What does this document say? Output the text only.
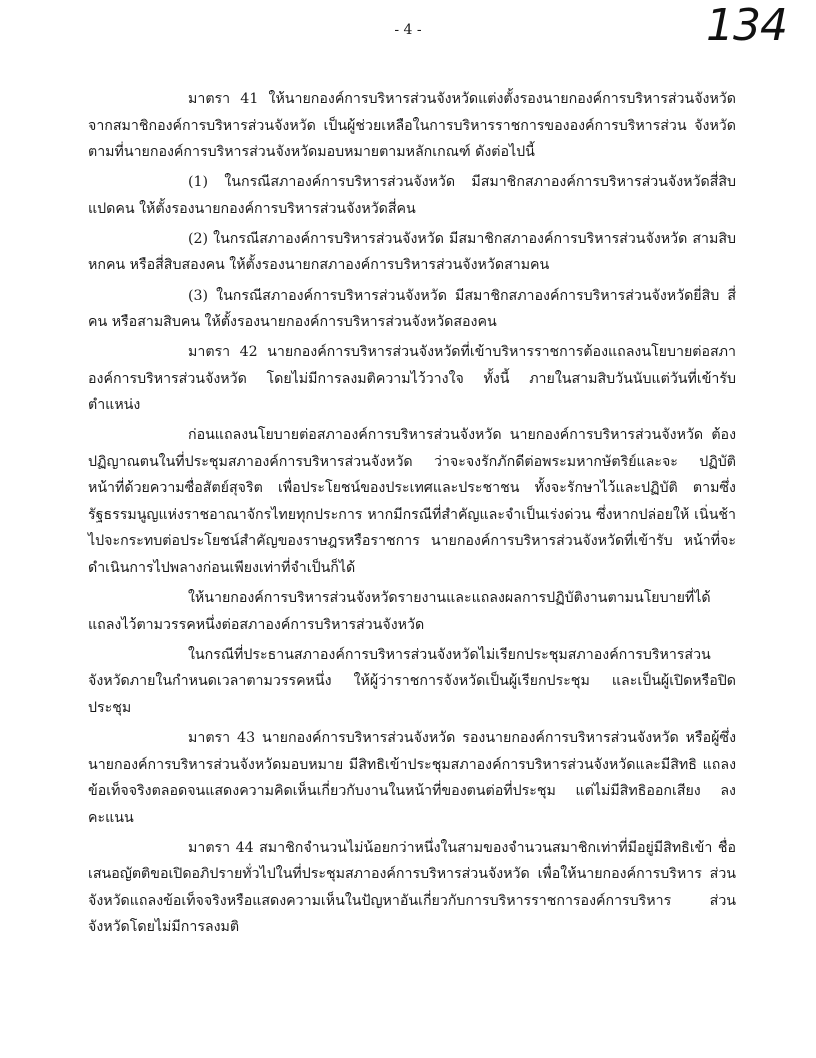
- 4 -	134

มาตรา 41 ให้นายกองค์การบริหารส่วนจังหวัดแต่งตั้งรองนายกองค์การบริหารส่วนจังหวัด จากสมาชิกองค์การบริหารส่วนจังหวัด เป็นผู้ช่วยเหลือในการบริหารราชการขององค์การบริหารส่วน จังหวัด ตามที่นายกองค์การบริหารส่วนจังหวัดมอบหมายตามหลักเกณฑ์ ดังต่อไปนี้

(1) ในกรณีสภาองค์การบริหารส่วนจังหวัด มีสมาชิกสภาองค์การบริหารส่วนจังหวัดสี่สิบ แปดคน ให้ตั้งรองนายกองค์การบริหารส่วนจังหวัดสี่คน

(2) ในกรณีสภาองค์การบริหารส่วนจังหวัด มีสมาชิกสภาองค์การบริหารส่วนจังหวัด สามสิบหกคน หรือสี่สิบสองคน ให้ตั้งรองนายกสภาองค์การบริหารส่วนจังหวัดสามคน

(3) ในกรณีสภาองค์การบริหารส่วนจังหวัด มีสมาชิกสภาองค์การบริหารส่วนจังหวัดยี่สิบ สี่คน หรือสามสิบคน ให้ตั้งรองนายกองค์การบริหารส่วนจังหวัดสองคน

มาตรา 42 นายกองค์การบริหารส่วนจังหวัดที่เข้าบริหารราชการต้องแถลงนโยบายต่อสภา องค์การบริหารส่วนจังหวัด โดยไม่มีการลงมติความไว้วางใจ ทั้งนี้ ภายในสามสิบวันนับแต่วันที่เข้ารับ ตำแหน่ง

ก่อนแถลงนโยบายต่อสภาองค์การบริหารส่วนจังหวัด นายกองค์การบริหารส่วนจังหวัด ต้องปฏิญาณตนในที่ประชุมสภาองค์การบริหารส่วนจังหวัด ว่าจะจงรักภักดีต่อพระมหากษัตริย์และจะ ปฏิบัติหน้าที่ด้วยความซื่อสัตย์สุจริต เพื่อประโยชน์ของประเทศและประชาชน ทั้งจะรักษาไว้และปฏิบัติ ตามซึ่ง รัฐธรรมนูญแห่งราชอาณาจักรไทยทุกประการ หากมีกรณีที่สำคัญและจำเป็นเร่งด่วน ซึ่งหากปล่อยให้ เนิ่นช้าไปจะกระทบต่อประโยชน์สำคัญของราษฎรหรือราชการ นายกองค์การบริหารส่วนจังหวัดที่เข้ารับ หน้าที่จะดำเนินการไปพลางก่อนเพียงเท่าที่จำเป็นก็ได้

ให้นายกองค์การบริหารส่วนจังหวัดรายงานและแถลงผลการปฏิบัติงานตามนโยบายที่ได้ แถลงไว้ตามวรรคหนึ่งต่อสภาองค์การบริหารส่วนจังหวัด

ในกรณีที่ประธานสภาองค์การบริหารส่วนจังหวัดไม่เรียกประชุมสภาองค์การบริหารส่วน จังหวัดภายในกำหนดเวลาตามวรรคหนึ่ง ให้ผู้ว่าราชการจังหวัดเป็นผู้เรียกประชุม และเป็นผู้เปิดหรือปิด ประชุม

มาตรา 43 นายกองค์การบริหารส่วนจังหวัด รองนายกองค์การบริหารส่วนจังหวัด หรือผู้ซึ่ง นายกองค์การบริหารส่วนจังหวัดมอบหมาย มีสิทธิเข้าประชุมสภาองค์การบริหารส่วนจังหวัดและมีสิทธิ แถลงข้อเท็จจริงตลอดจนแสดงความคิดเห็นเกี่ยวกับงานในหน้าที่ของตนต่อที่ประชุม แต่ไม่มีสิทธิออกเสียง ลงคะแนน

มาตรา 44 สมาชิกจำนวนไม่น้อยกว่าหนึ่งในสามของจำนวนสมาชิกเท่าที่มีอยู่มีสิทธิเข้า ชื่อเสนอญัตติขอเปิดอภิปรายทั่วไปในที่ประชุมสภาองค์การบริหารส่วนจังหวัด เพื่อให้นายกองค์การบริหาร ส่วนจังหวัดแถลงข้อเท็จจริงหรือแสดงความเห็นในปัญหาอันเกี่ยวกับการบริหารราชการองค์การบริหาร ส่วนจังหวัดโดยไม่มีการลงมติ
